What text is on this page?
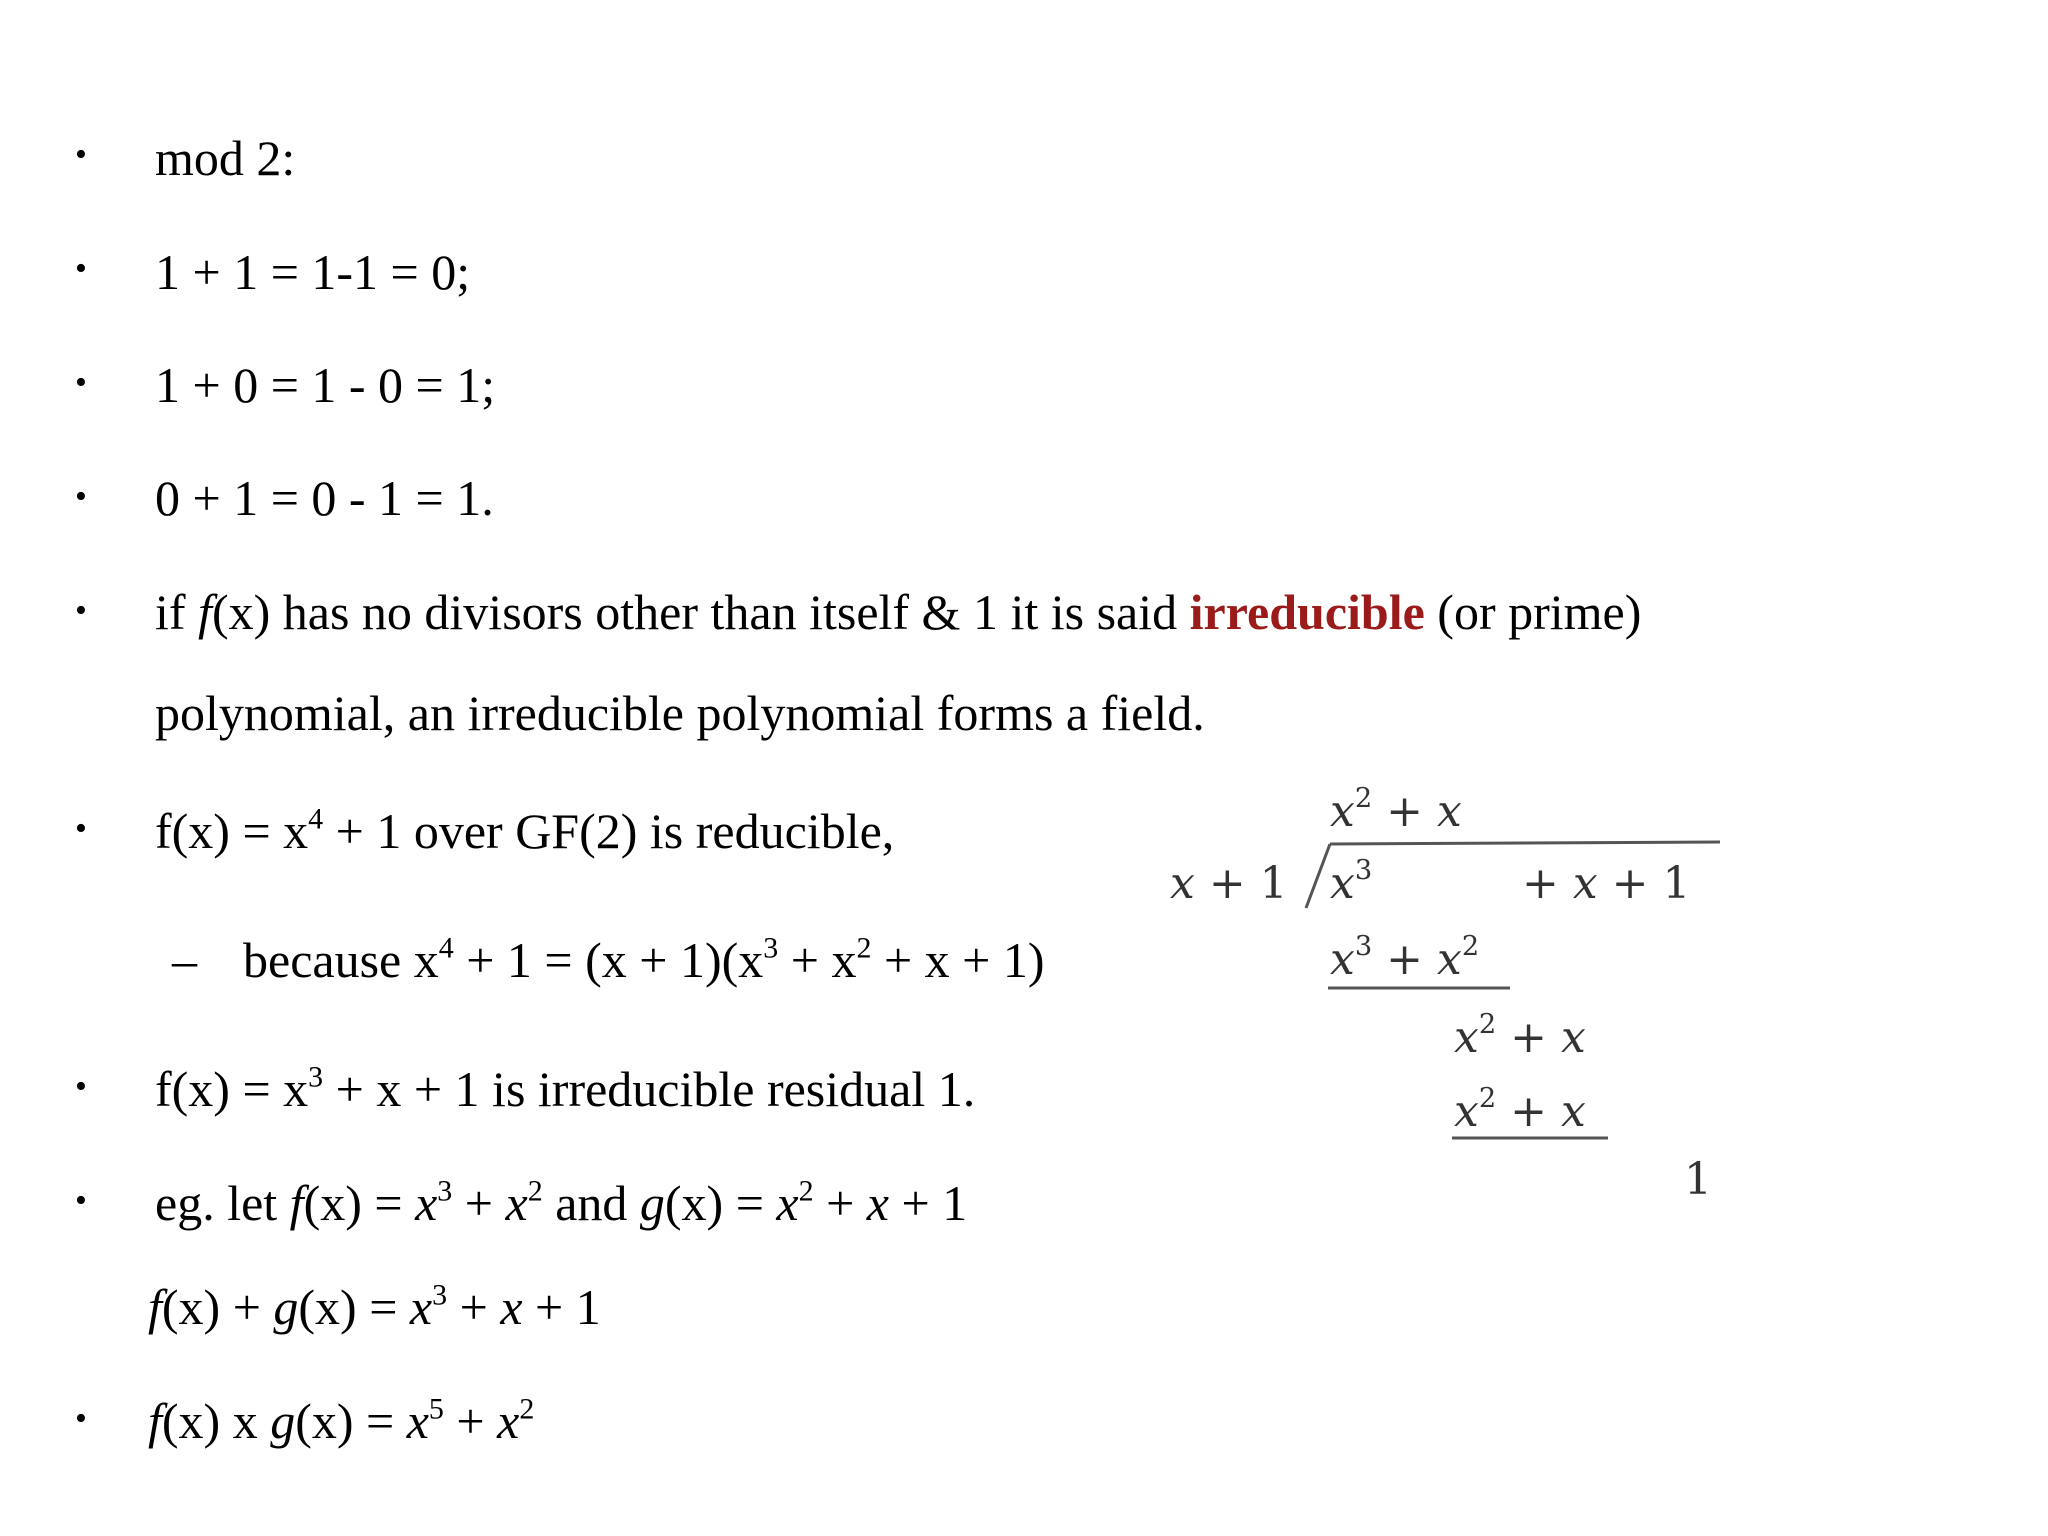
• mod 2:
• 1 + 1 = 1-1 = 0;
• 1 + 0 = 1 - 0 = 1;
• 0 + 1 = 0 - 1 = 1.
• if f(x) has no divisors other than itself & 1 it is said irreducible (or prime)
polynomial, an irreducible polynomial forms a field.
• $f(x) = x^4 + 1$ over GF(2) is reducible,
– because $x^4 + 1 = (x + 1)(x^3 + x^2 + x + 1)$
• $f(x) = x^3 + x + 1$ is irreducible residual 1.
• eg. let $f(x) = x^3 + x^2$ and $g(x) = x^2 + x + 1$
$f(x) + g(x) = x^3 + x + 1$
• f(x) x $g(x) = x^5 + x^2$
$x^2 + x$
x + 1 $x^3$	+ x + 1
$x^3 + x^2$
$x^2 + x$
$x^2 + x$
1
